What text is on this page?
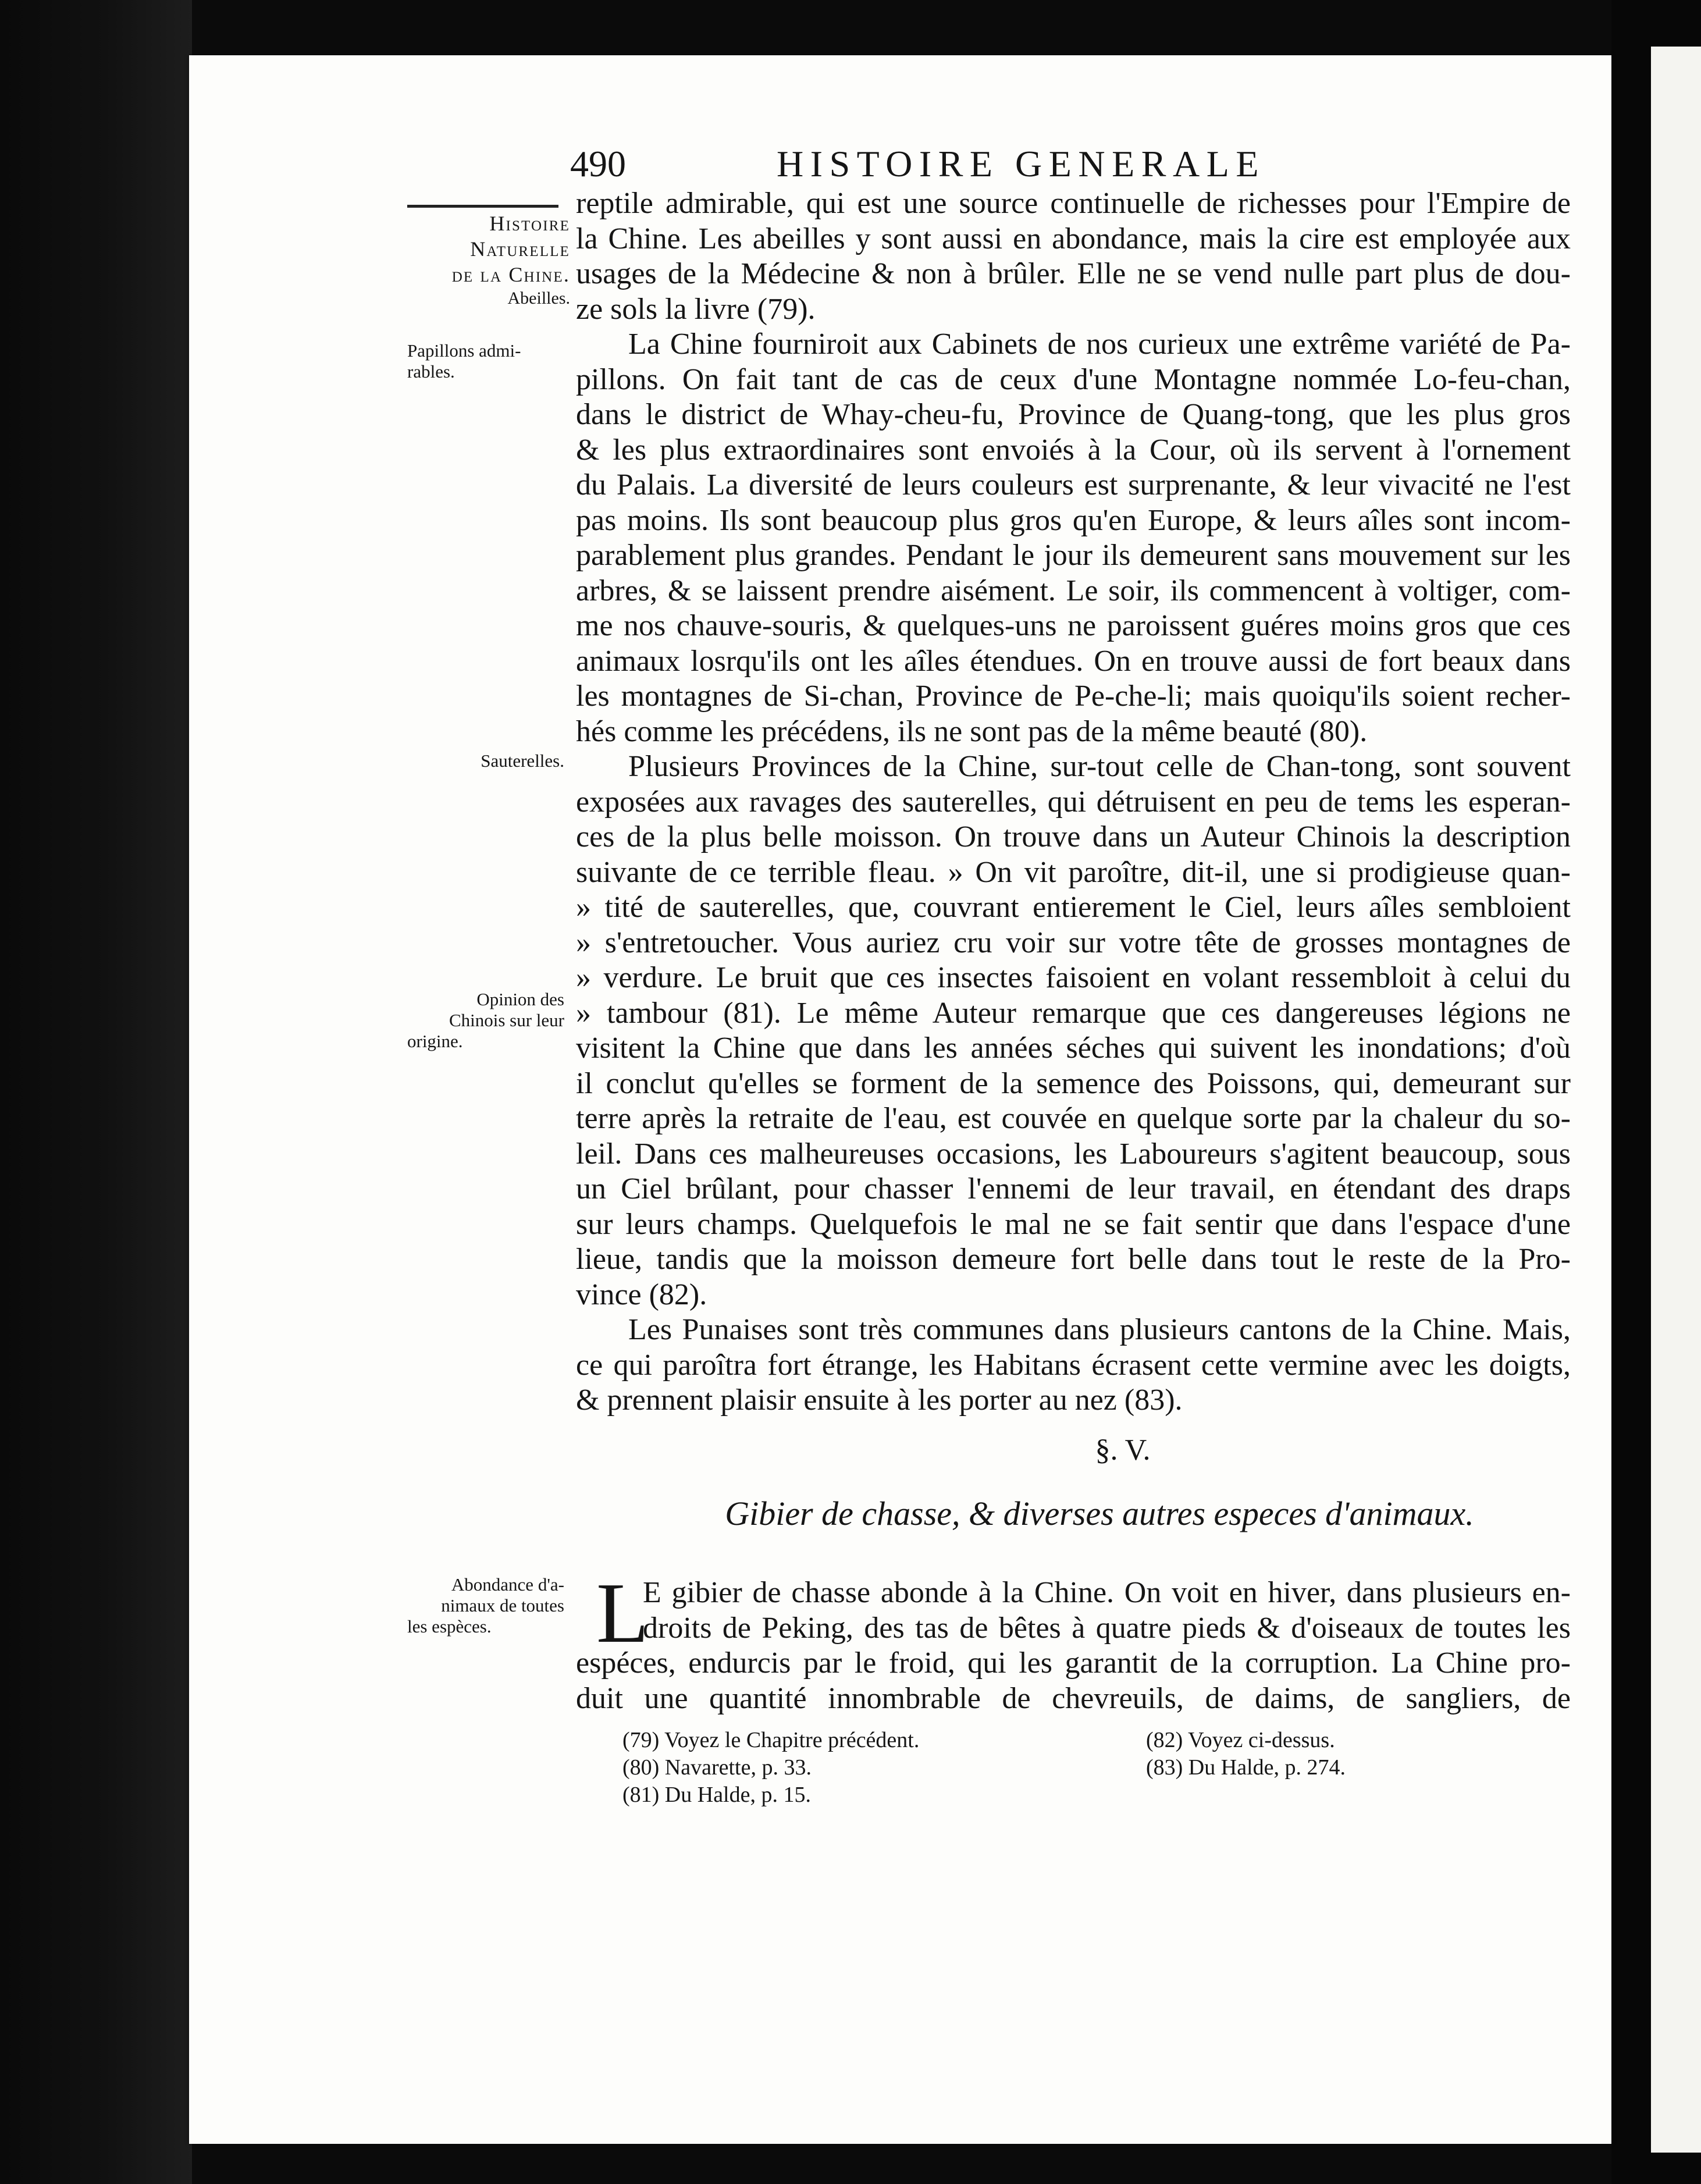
490	HISTOIRE GENERALE
Histoire
Naturelle
de la Chine.
Abeilles.
Papillons admi-
rables.
Sauterelles.
Opinion des
Chinois sur leur
origine.
Abondance d'a-
nimaux de toutes
les espèces.
reptile admirable, qui est une source continuelle de richesses pour l'Empire de
la Chine. Les abeilles y sont aussi en abondance, mais la cire est employée aux
usages de la Médecine & non à brûler. Elle ne se vend nulle part plus de dou-
ze sols la livre (79).
La Chine fourniroit aux Cabinets de nos curieux une extrême variété de Pa-
pillons. On fait tant de cas de ceux d'une Montagne nommée Lo-feu-chan,
dans le district de Whay-cheu-fu, Province de Quang-tong, que les plus gros
& les plus extraordinaires sont envoiés à la Cour, où ils servent à l'ornement
du Palais. La diversité de leurs couleurs est surprenante, & leur vivacité ne l'est
pas moins. Ils sont beaucoup plus gros qu'en Europe, & leurs aîles sont incom-
parablement plus grandes. Pendant le jour ils demeurent sans mouvement sur les
arbres, & se laissent prendre aisément. Le soir, ils commencent à voltiger, com-
me nos chauve-souris, & quelques-uns ne paroissent guéres moins gros que ces
animaux losrqu'ils ont les aîles étendues. On en trouve aussi de fort beaux dans
les montagnes de Si-chan, Province de Pe-che-li; mais quoiqu'ils soient recher-
hés comme les précédens, ils ne sont pas de la même beauté (80).
Plusieurs Provinces de la Chine, sur-tout celle de Chan-tong, sont souvent
exposées aux ravages des sauterelles, qui détruisent en peu de tems les esperan-
ces de la plus belle moisson. On trouve dans un Auteur Chinois la description
suivante de ce terrible fleau. » On vit paroître, dit-il, une si prodigieuse quan-
» tité de sauterelles, que, couvrant entierement le Ciel, leurs aîles sembloient
» s'entretoucher. Vous auriez cru voir sur votre tête de grosses montagnes de
» verdure. Le bruit que ces insectes faisoient en volant ressembloit à celui du
» tambour (81). Le même Auteur remarque que ces dangereuses légions ne
visitent la Chine que dans les années séches qui suivent les inondations; d'où
il conclut qu'elles se forment de la semence des Poissons, qui, demeurant sur
terre après la retraite de l'eau, est couvée en quelque sorte par la chaleur du so-
leil. Dans ces malheureuses occasions, les Laboureurs s'agitent beaucoup, sous
un Ciel brûlant, pour chasser l'ennemi de leur travail, en étendant des draps
sur leurs champs. Quelquefois le mal ne se fait sentir que dans l'espace d'une
lieue, tandis que la moisson demeure fort belle dans tout le reste de la Pro-
vince (82).
Les Punaises sont très communes dans plusieurs cantons de la Chine. Mais,
ce qui paroîtra fort étrange, les Habitans écrasent cette vermine avec les doigts,
& prennent plaisir ensuite à les porter au nez (83).
§. V.
Gibier de chasse, & diverses autres especes d'animaux.
L
E gibier de chasse abonde à la Chine. On voit en hiver, dans plusieurs en-
droits de Peking, des tas de bêtes à quatre pieds & d'oiseaux de toutes les
espéces, endurcis par le froid, qui les garantit de la corruption. La Chine pro-
duit une quantité innombrable de chevreuils, de daims, de sangliers, de
(79) Voyez le Chapitre précédent.
(80) Navarette, p. 33.
(81) Du Halde, p. 15.
(82) Voyez ci-dessus.
(83) Du Halde, p. 274.
